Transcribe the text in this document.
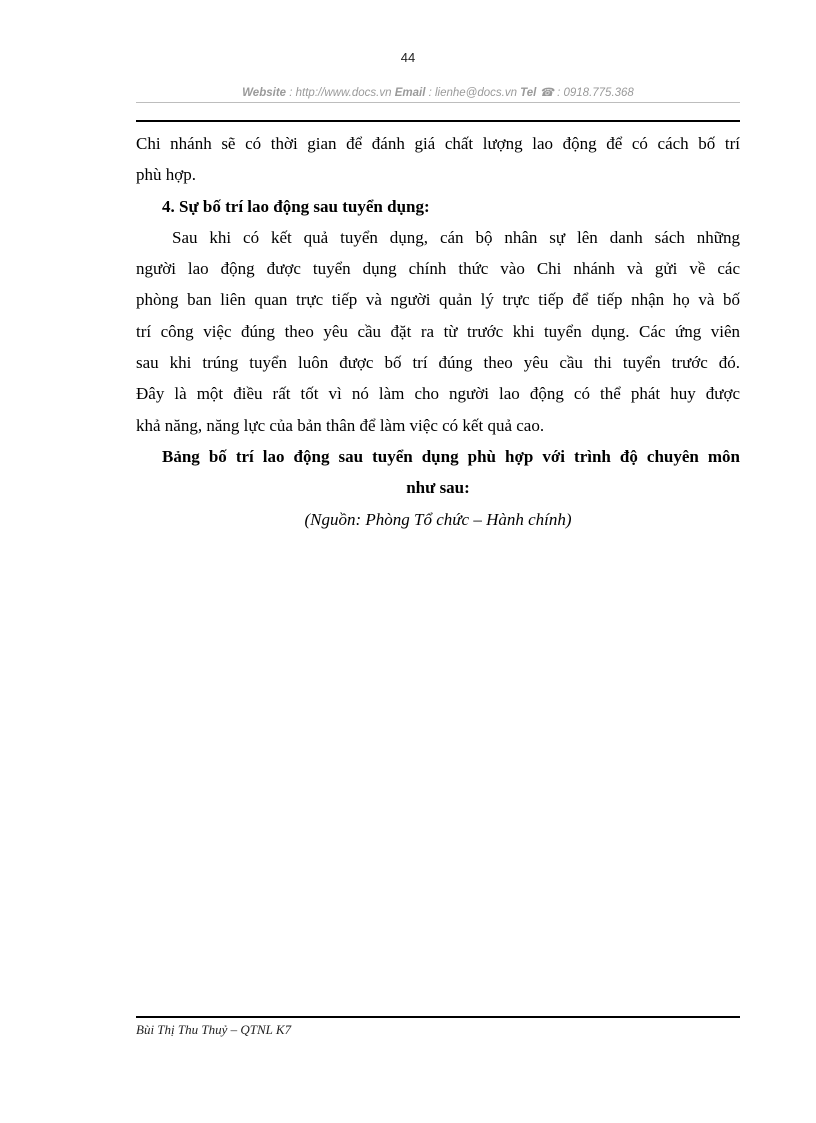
44
Website : http://www.docs.vn Email : lienhe@docs.vn Tel ☎ : 0918.775.368
Chi nhánh sẽ có thời gian để đánh giá chất lượng lao động để có cách bố trí
phù hợp.
4. Sự bố trí lao động sau tuyển dụng:
Sau khi có kết quả tuyển dụng, cán bộ nhân sự lên danh sách những
người lao động được tuyển dụng chính thức vào Chi nhánh và gửi về các
phòng ban liên quan trực tiếp và người quản lý trực tiếp để tiếp nhận họ và bố
trí công việc đúng theo yêu cầu đặt ra từ trước khi tuyển dụng. Các ứng viên
sau khi trúng tuyển luôn được bố trí đúng theo yêu cầu thi tuyển trước đó.
Đây là một điều rất tốt vì nó làm cho người lao động có thể phát huy được
khả năng, năng lực của bản thân để làm việc có kết quả cao.
Bảng bố trí lao động sau tuyển dụng phù hợp với trình độ chuyên môn
như sau:
(Nguồn: Phòng Tổ chức – Hành chính)
Bùi Thị Thu Thuỷ – QTNL K7
